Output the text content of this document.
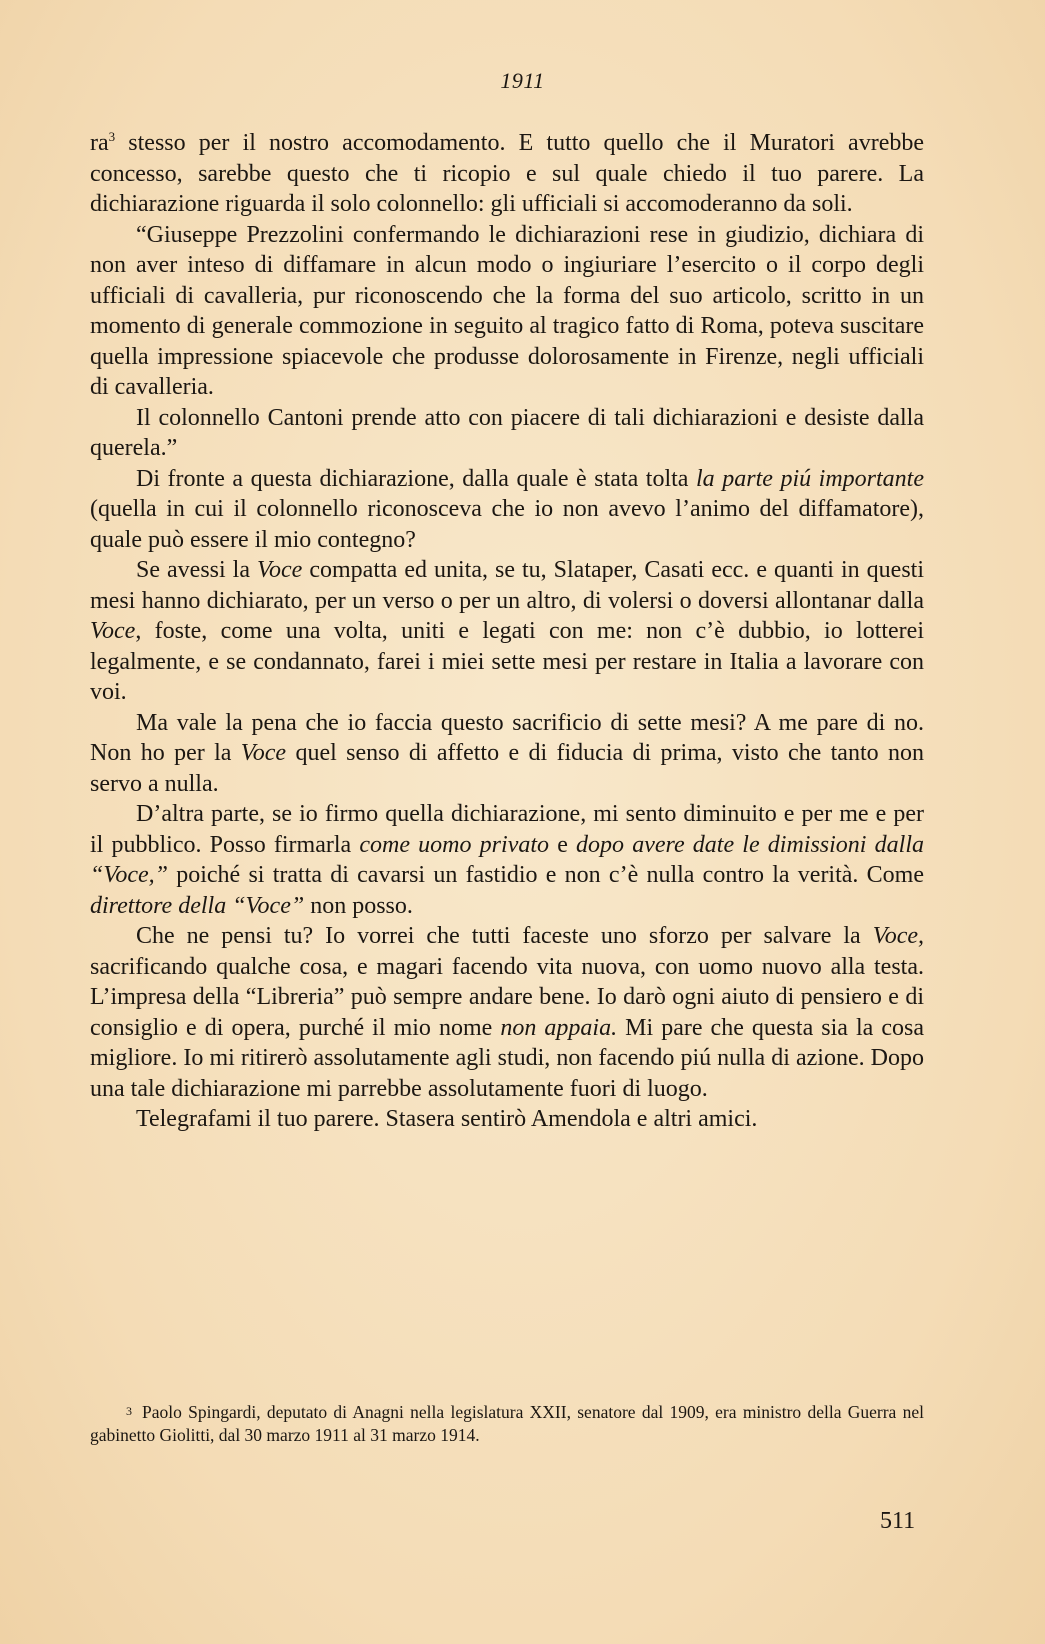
1911

$ra^3$ stesso per il nostro accomodamento. E tutto quello che il Muratori avrebbe concesso, sarebbe questo che ti ricopio e sul quale chiedo il tuo parere. La dichiarazione riguarda il solo colonnello: gli ufficiali si accomoderanno da soli.

“Giuseppe Prezzolini confermando le dichiarazioni rese in giudizio, dichiara di non aver inteso di diffamare in alcun modo o ingiuriare l’esercito o il corpo degli ufficiali di cavalleria, pur riconoscendo che la forma del suo articolo, scritto in un momento di generale commozione in seguito al tragico fatto di Roma, poteva suscitare quella impressione spiacevole che produsse dolorosamente in Firenze, negli ufficiali di cavalleria.

Il colonnello Cantoni prende atto con piacere di tali dichiarazioni e desiste dalla querela.”

Di fronte a questa dichiarazione, dalla quale è stata tolta la parte piú importante (quella in cui il colonnello riconosceva che io non avevo l’animo del diffamatore), quale può essere il mio contegno?

Se avessi la Voce compatta ed unita, se tu, Slataper, Casati ecc. e quanti in questi mesi hanno dichiarato, per un verso o per un altro, di volersi o doversi allontanar dalla Voce, foste, come una volta, uniti e legati con me: non c’è dubbio, io lotterei legalmente, e se condannato, farei i miei sette mesi per restare in Italia a lavorare con voi.

Ma vale la pena che io faccia questo sacrificio di sette mesi? A me pare di no. Non ho per la Voce quel senso di affetto e di fiducia di prima, visto che tanto non servo a nulla.

D’altra parte, se io firmo quella dichiarazione, mi sento diminuito e per me e per il pubblico. Posso firmarla come uomo privato e dopo avere date le dimissioni dalla “Voce,” poiché si tratta di cavarsi un fastidio e non c’è nulla contro la verità. Come direttore della “Voce” non posso.

Che ne pensi tu? Io vorrei che tutti faceste uno sforzo per salvare la Voce, sacrificando qualche cosa, e magari facendo vita nuova, con uomo nuovo alla testa. L’impresa della “Libreria” può sempre andare bene. Io darò ogni aiuto di pensiero e di consiglio e di opera, purché il mio nome non appaia. Mi pare che questa sia la cosa migliore. Io mi ritirerò assolutamente agli studi, non facendo piú nulla di azione. Dopo una tale dichiarazione mi parrebbe assolutamente fuori di luogo.

Telegrafami il tuo parere. Stasera sentirò Amendola e altri amici.

3 Paolo Spingardi, deputato di Anagni nella legislatura XXII, senatore dal 1909, era ministro della Guerra nel gabinetto Giolitti, dal 30 marzo 1911 al 31 marzo 1914.
511
